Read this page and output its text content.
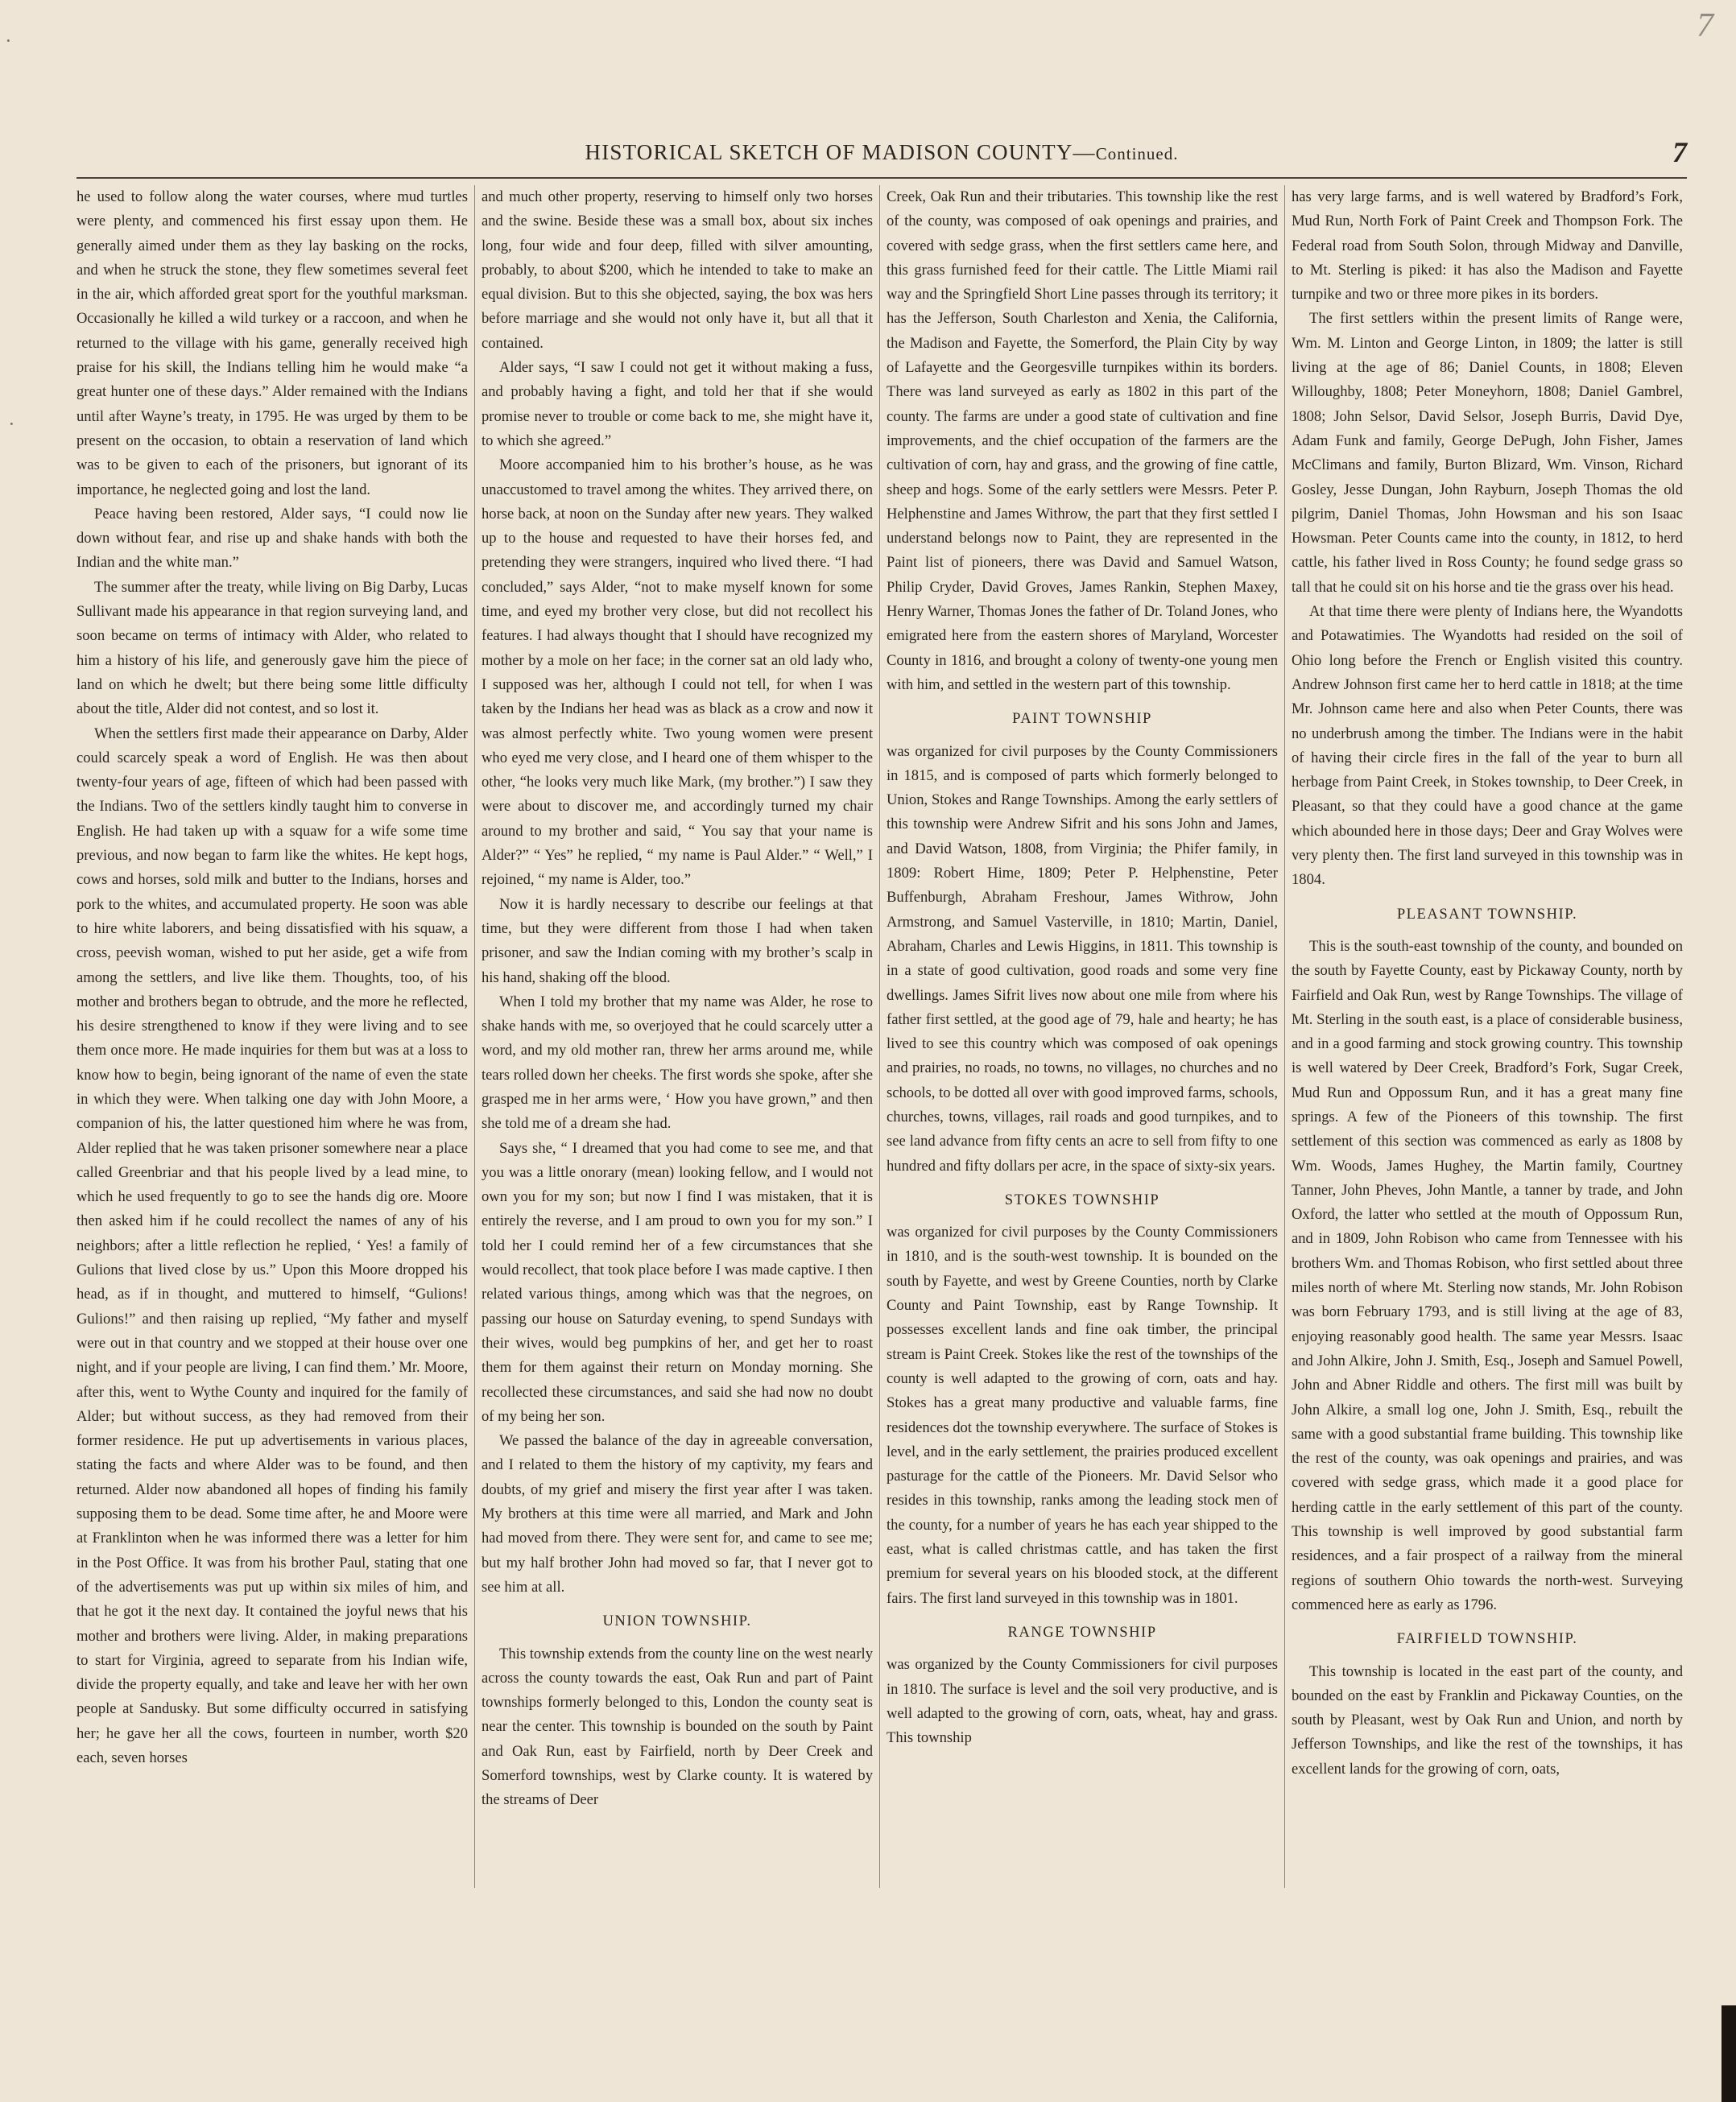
7
·
·
HISTORICAL SKETCH OF MADISON COUNTY—Continued.	7

he used to follow along the water courses, where mud turtles were plenty, and commenced his first essay upon them. He generally aimed under them as they lay basking on the rocks, and when he struck the stone, they flew sometimes several feet in the air, which afforded great sport for the youthful marksman. Occasionally he killed a wild turkey or a raccoon, and when he returned to the village with his game, generally received high praise for his skill, the Indians telling him he would make “a great hunter one of these days.” Alder remained with the Indians until after Wayne’s treaty, in 1795. He was urged by them to be present on the occasion, to obtain a reservation of land which was to be given to each of the prisoners, but ignorant of its importance, he neglected going and lost the land.

Peace having been restored, Alder says, “I could now lie down without fear, and rise up and shake hands with both the Indian and the white man.”

The summer after the treaty, while living on Big Darby, Lucas Sullivant made his appearance in that region surveying land, and soon became on terms of intimacy with Alder, who related to him a history of his life, and generously gave him the piece of land on which he dwelt; but there being some little difficulty about the title, Alder did not contest, and so lost it.

When the settlers first made their appearance on Darby, Alder could scarcely speak a word of English. He was then about twenty-four years of age, fifteen of which had been passed with the Indians. Two of the settlers kindly taught him to converse in English. He had taken up with a squaw for a wife some time previous, and now began to farm like the whites. He kept hogs, cows and horses, sold milk and butter to the Indians, horses and pork to the whites, and accumulated property. He soon was able to hire white laborers, and being dissatisfied with his squaw, a cross, peevish woman, wished to put her aside, get a wife from among the settlers, and live like them. Thoughts, too, of his mother and brothers began to obtrude, and the more he reflected, his desire strengthened to know if they were living and to see them once more. He made inquiries for them but was at a loss to know how to begin, being ignorant of the name of even the state in which they were. When talking one day with John Moore, a companion of his, the latter questioned him where he was from, Alder replied that he was taken prisoner somewhere near a place called Greenbriar and that his people lived by a lead mine, to which he used frequently to go to see the hands dig ore. Moore then asked him if he could recollect the names of any of his neighbors; after a little reflection he replied, ‘ Yes! a family of Gulions that lived close by us.” Upon this Moore dropped his head, as if in thought, and muttered to himself, “Gulions! Gulions!” and then raising up replied, “My father and myself were out in that country and we stopped at their house over one night, and if your people are living, I can find them.’ Mr. Moore, after this, went to Wythe County and inquired for the family of Alder; but without success, as they had removed from their former residence. He put up advertisements in various places, stating the facts and where Alder was to be found, and then returned. Alder now abandoned all hopes of finding his family supposing them to be dead. Some time after, he and Moore were at Franklinton when he was informed there was a letter for him in the Post Office. It was from his brother Paul, stating that one of the advertisements was put up within six miles of him, and that he got it the next day. It contained the joyful news that his mother and brothers were living. Alder, in making preparations to start for Virginia, agreed to separate from his Indian wife, divide the property equally, and take and leave her with her own people at Sandusky. But some difficulty occurred in satisfying her; he gave her all the cows, fourteen in number, worth $20 each, seven horses

and much other property, reserving to himself only two horses and the swine. Beside these was a small box, about six inches long, four wide and four deep, filled with silver amounting, probably, to about $200, which he intended to take to make an equal division. But to this she objected, saying, the box was hers before marriage and she would not only have it, but all that it contained.

Alder says, “I saw I could not get it without making a fuss, and probably having a fight, and told her that if she would promise never to trouble or come back to me, she might have it, to which she agreed.”

Moore accompanied him to his brother’s house, as he was unaccustomed to travel among the whites. They arrived there, on horse back, at noon on the Sunday after new years. They walked up to the house and requested to have their horses fed, and pretending they were strangers, inquired who lived there. “I had concluded,” says Alder, “not to make myself known for some time, and eyed my brother very close, but did not recollect his features. I had always thought that I should have recognized my mother by a mole on her face; in the corner sat an old lady who, I supposed was her, although I could not tell, for when I was taken by the Indians her head was as black as a crow and now it was almost perfectly white. Two young women were present who eyed me very close, and I heard one of them whisper to the other, “he looks very much like Mark, (my brother.”) I saw they were about to discover me, and accordingly turned my chair around to my brother and said, “ You say that your name is Alder?” “ Yes” he replied, “ my name is Paul Alder.” “ Well,” I rejoined, “ my name is Alder, too.”

Now it is hardly necessary to describe our feelings at that time, but they were different from those I had when taken prisoner, and saw the Indian coming with my brother’s scalp in his hand, shaking off the blood.

When I told my brother that my name was Alder, he rose to shake hands with me, so overjoyed that he could scarcely utter a word, and my old mother ran, threw her arms around me, while tears rolled down her cheeks. The first words she spoke, after she grasped me in her arms were, ‘ How you have grown,” and then she told me of a dream she had.

Says she, “ I dreamed that you had come to see me, and that you was a little onorary (mean) looking fellow, and I would not own you for my son; but now I find I was mistaken, that it is entirely the reverse, and I am proud to own you for my son.” I told her I could remind her of a few circumstances that she would recollect, that took place before I was made captive. I then related various things, among which was that the negroes, on passing our house on Saturday evening, to spend Sundays with their wives, would beg pumpkins of her, and get her to roast them for them against their return on Monday morning. She recollected these circumstances, and said she had now no doubt of my being her son.

We passed the balance of the day in agreeable conversation, and I related to them the history of my captivity, my fears and doubts, of my grief and misery the first year after I was taken. My brothers at this time were all married, and Mark and John had moved from there. They were sent for, and came to see me; but my half brother John had moved so far, that I never got to see him at all.

UNION TOWNSHIP.

This township extends from the county line on the west nearly across the county towards the east, Oak Run and part of Paint townships formerly belonged to this, London the county seat is near the center. This township is bounded on the south by Paint and Oak Run, east by Fairfield, north by Deer Creek and Somerford townships, west by Clarke county. It is watered by the streams of Deer

Creek, Oak Run and their tributaries. This township like the rest of the county, was composed of oak openings and prairies, and covered with sedge grass, when the first settlers came here, and this grass furnished feed for their cattle. The Little Miami rail way and the Springfield Short Line passes through its territory; it has the Jefferson, South Charleston and Xenia, the California, the Madison and Fayette, the Somerford, the Plain City by way of Lafayette and the Georgesville turnpikes within its borders. There was land surveyed as early as 1802 in this part of the county. The farms are under a good state of cultivation and fine improvements, and the chief occupation of the farmers are the cultivation of corn, hay and grass, and the growing of fine cattle, sheep and hogs. Some of the early settlers were Messrs. Peter P. Helphenstine and James Withrow, the part that they first settled I understand belongs now to Paint, they are represented in the Paint list of pioneers, there was David and Samuel Watson, Philip Cryder, David Groves, James Rankin, Stephen Maxey, Henry Warner, Thomas Jones the father of Dr. Toland Jones, who emigrated here from the eastern shores of Maryland, Worcester County in 1816, and brought a colony of twenty-one young men with him, and settled in the western part of this township.

PAINT TOWNSHIP

was organized for civil purposes by the County Commissioners in 1815, and is composed of parts which formerly belonged to Union, Stokes and Range Townships. Among the early settlers of this township were Andrew Sifrit and his sons John and James, and David Watson, 1808, from Virginia; the Phifer family, in 1809: Robert Hime, 1809; Peter P. Helphenstine, Peter Buffenburgh, Abraham Freshour, James Withrow, John Armstrong, and Samuel Vasterville, in 1810; Martin, Daniel, Abraham, Charles and Lewis Higgins, in 1811. This township is in a state of good cultivation, good roads and some very fine dwellings. James Sifrit lives now about one mile from where his father first settled, at the good age of 79, hale and hearty; he has lived to see this country which was composed of oak openings and prairies, no roads, no towns, no villages, no churches and no schools, to be dotted all over with good improved farms, schools, churches, towns, villages, rail roads and good turnpikes, and to see land advance from fifty cents an acre to sell from fifty to one hundred and fifty dollars per acre, in the space of sixty-six years.

STOKES TOWNSHIP

was organized for civil purposes by the County Commissioners in 1810, and is the south-west township. It is bounded on the south by Fayette, and west by Greene Counties, north by Clarke County and Paint Township, east by Range Township. It possesses excellent lands and fine oak timber, the principal stream is Paint Creek. Stokes like the rest of the townships of the county is well adapted to the growing of corn, oats and hay. Stokes has a great many productive and valuable farms, fine residences dot the township everywhere. The surface of Stokes is level, and in the early settlement, the prairies produced excellent pasturage for the cattle of the Pioneers. Mr. David Selsor who resides in this township, ranks among the leading stock men of the county, for a number of years he has each year shipped to the east, what is called christmas cattle, and has taken the first premium for several years on his blooded stock, at the different fairs. The first land surveyed in this township was in 1801.

RANGE TOWNSHIP

was organized by the County Commissioners for civil purposes in 1810. The surface is level and the soil very productive, and is well adapted to the growing of corn, oats, wheat, hay and grass. This township

has very large farms, and is well watered by Bradford’s Fork, Mud Run, North Fork of Paint Creek and Thompson Fork. The Federal road from South Solon, through Midway and Danville, to Mt. Sterling is piked: it has also the Madison and Fayette turnpike and two or three more pikes in its borders.

The first settlers within the present limits of Range were, Wm. M. Linton and George Linton, in 1809; the latter is still living at the age of 86; Daniel Counts, in 1808; Eleven Willoughby, 1808; Peter Moneyhorn, 1808; Daniel Gambrel, 1808; John Selsor, David Selsor, Joseph Burris, David Dye, Adam Funk and family, George DePugh, John Fisher, James McClimans and family, Burton Blizard, Wm. Vinson, Richard Gosley, Jesse Dungan, John Rayburn, Joseph Thomas the old pilgrim, Daniel Thomas, John Howsman and his son Isaac Howsman. Peter Counts came into the county, in 1812, to herd cattle, his father lived in Ross County; he found sedge grass so tall that he could sit on his horse and tie the grass over his head.

At that time there were plenty of Indians here, the Wyandotts and Potawatimies. The Wyandotts had resided on the soil of Ohio long before the French or English visited this country. Andrew Johnson first came her to herd cattle in 1818; at the time Mr. Johnson came here and also when Peter Counts, there was no underbrush among the timber. The Indians were in the habit of having their circle fires in the fall of the year to burn all herbage from Paint Creek, in Stokes township, to Deer Creek, in Pleasant, so that they could have a good chance at the game which abounded here in those days; Deer and Gray Wolves were very plenty then. The first land surveyed in this township was in 1804.

PLEASANT TOWNSHIP.

This is the south-east township of the county, and bounded on the south by Fayette County, east by Pickaway County, north by Fairfield and Oak Run, west by Range Townships. The village of Mt. Sterling in the south east, is a place of considerable business, and in a good farming and stock growing country. This township is well watered by Deer Creek, Bradford’s Fork, Sugar Creek, Mud Run and Oppossum Run, and it has a great many fine springs. A few of the Pioneers of this township. The first settlement of this section was commenced as early as 1808 by Wm. Woods, James Hughey, the Martin family, Courtney Tanner, John Pheves, John Mantle, a tanner by trade, and John Oxford, the latter who settled at the mouth of Oppossum Run, and in 1809, John Robison who came from Tennessee with his brothers Wm. and Thomas Robison, who first settled about three miles north of where Mt. Sterling now stands, Mr. John Robison was born February 1793, and is still living at the age of 83, enjoying reasonably good health. The same year Messrs. Isaac and John Alkire, John J. Smith, Esq., Joseph and Samuel Powell, John and Abner Riddle and others. The first mill was built by John Alkire, a small log one, John J. Smith, Esq., rebuilt the same with a good substantial frame building. This township like the rest of the county, was oak openings and prairies, and was covered with sedge grass, which made it a good place for herding cattle in the early settlement of this part of the county. This township is well improved by good substantial farm residences, and a fair prospect of a railway from the mineral regions of southern Ohio towards the north-west. Surveying commenced here as early as 1796.

FAIRFIELD TOWNSHIP.

This township is located in the east part of the county, and bounded on the east by Franklin and Pickaway Counties, on the south by Pleasant, west by Oak Run and Union, and north by Jefferson Townships, and like the rest of the townships, it has excellent lands for the growing of corn, oats,
